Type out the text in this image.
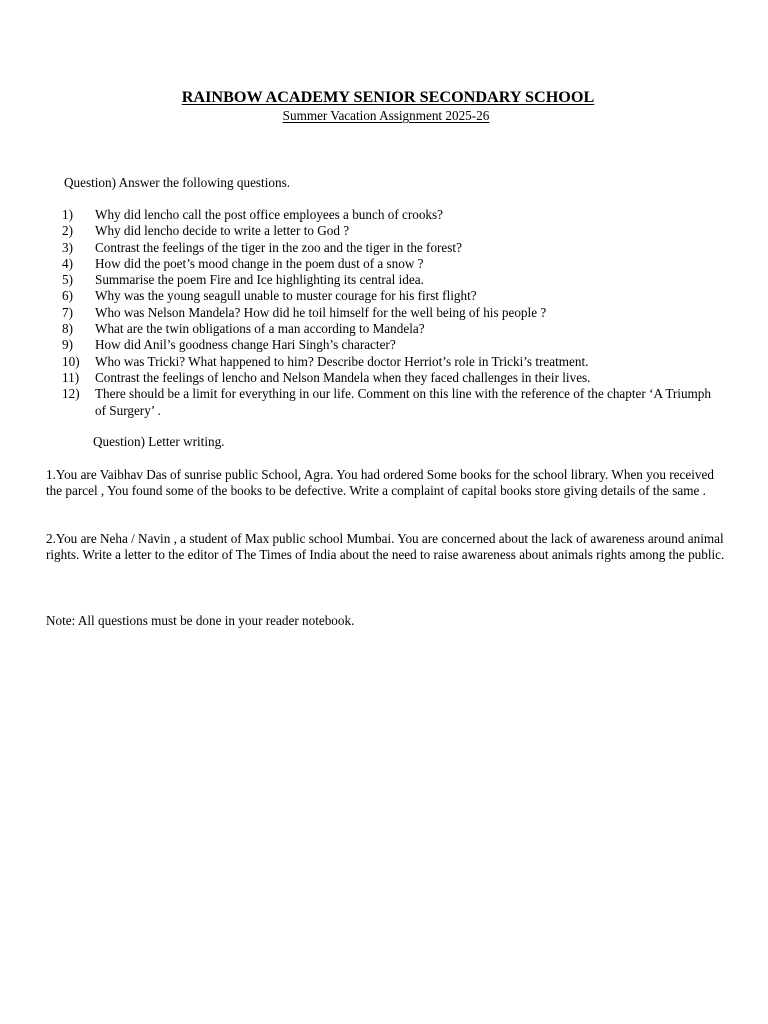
RAINBOW ACADEMY SENIOR SECONDARY SCHOOL
Summer Vacation Assignment 2025-26
Question) Answer the following questions.
1)	Why did lencho call the post office employees a bunch of crooks?
2)	Why did lencho decide to write a letter to God ?
3)	Contrast the feelings of the tiger in the zoo and the tiger in the forest?
4)	How did the poet’s mood change in the poem dust of a snow ?
5)	Summarise the poem Fire and Ice highlighting its central idea.
6)	Why was the young seagull unable to muster courage for his first flight?
7)	Who was Nelson Mandela? How did he toil himself for the well being of his people ?
8)	What are the twin obligations of a man according to Mandela?
9)	How did Anil’s goodness change Hari Singh’s character?
10)	Who was Tricki? What happened to him? Describe doctor Herriot’s role in Tricki’s treatment.
11)	Contrast the feelings of lencho and Nelson Mandela when they faced challenges in their lives.
12)	There should be a limit for everything in our life. Comment on this line with the reference of the chapter ‘A Triumph of Surgery’ .
Question) Letter writing.

1.You are Vaibhav Das of sunrise public School, Agra. You had ordered Some books for the school library. When you received the parcel , You found some of the books to be defective. Write a complaint of capital books store giving details of the same .

2.You are Neha / Navin , a student of Max public school Mumbai. You are concerned about the lack of awareness around animal rights. Write a letter to the editor of The Times of India about the need to raise awareness about animals rights among the public.

Note: All questions must be done in your reader notebook.
